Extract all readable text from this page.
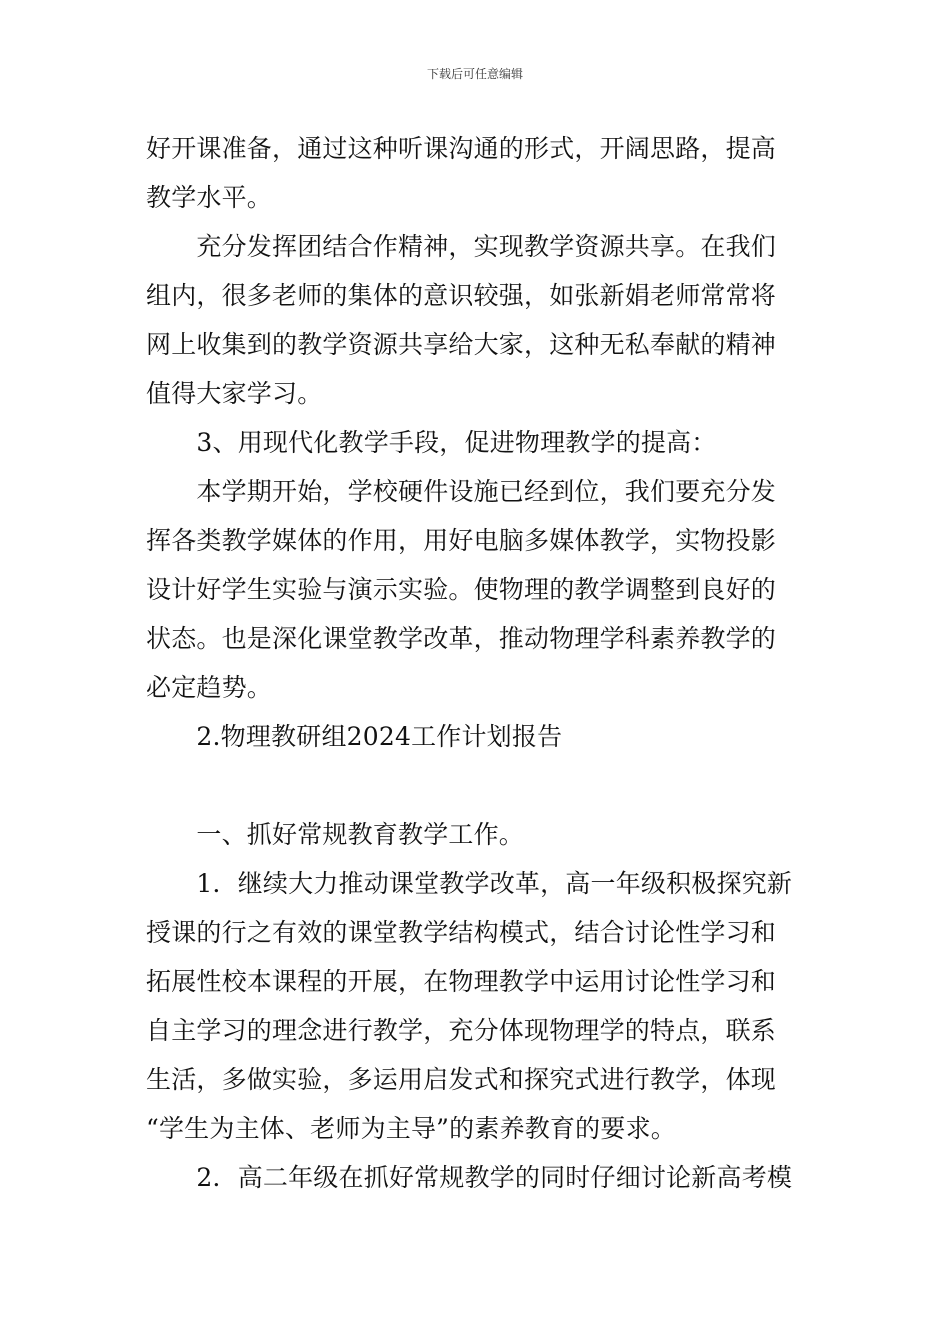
下载后可任意编辑
好开课准备，通过这种听课沟通的形式，开阔思路，提高
教学水平。
　　充分发挥团结合作精神，实现教学资源共享。在我们
组内，很多老师的集体的意识较强，如张新娟老师常常将
网上收集到的教学资源共享给大家，这种无私奉献的精神
值得大家学习。
　　3、用现代化教学手段，促进物理教学的提高：
　　本学期开始，学校硬件设施已经到位，我们要充分发
挥各类教学媒体的作用，用好电脑多媒体教学，实物投影
设计好学生实验与演示实验。使物理的教学调整到良好的
状态。也是深化课堂教学改革，推动物理学科素养教学的
必定趋势。
　　2.物理教研组2024工作计划报告
　　一、抓好常规教育教学工作。
　　1．继续大力推动课堂教学改革，高一年级积极探究新
授课的行之有效的课堂教学结构模式，结合讨论性学习和
拓展性校本课程的开展，在物理教学中运用讨论性学习和
自主学习的理念进行教学，充分体现物理学的特点，联系
生活，多做实验，多运用启发式和探究式进行教学，体现
“学生为主体、老师为主导”的素养教育的要求。
　　2．高二年级在抓好常规教学的同时仔细讨论新高考模
